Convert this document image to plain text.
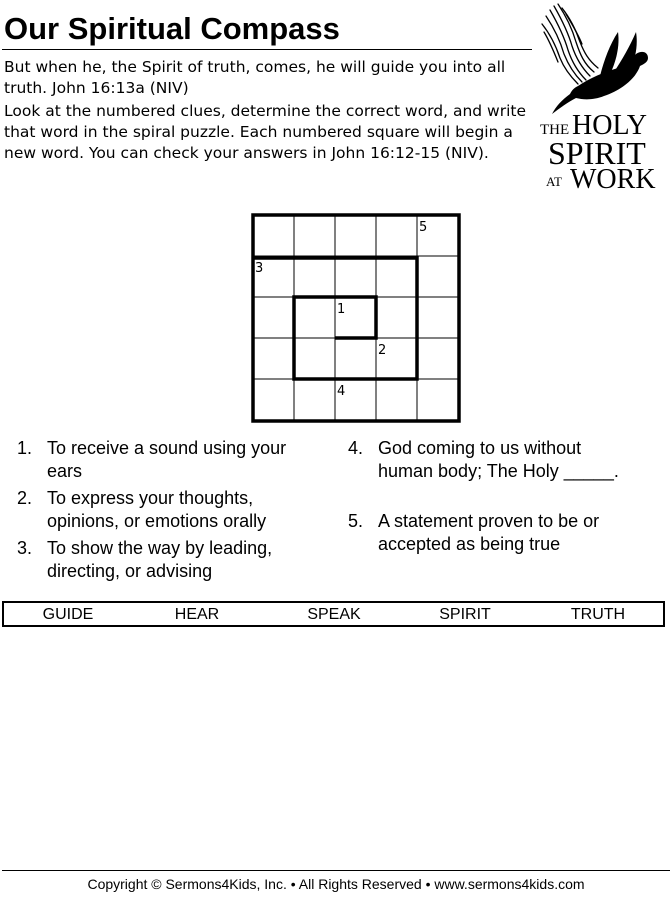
Our Spiritual Compass
But when he, the Spirit of truth, comes, he will guide you into all truth. John 16:13a (NIV)
Look at the numbered clues, determine the correct word, and write that word in the spiral puzzle. Each numbered square will begin a new word. You can check your answers in John 16:12-15 (NIV).
THE HOLY
SPIRIT
AT WORK
1
2
3
4
5
1. To receive a sound using your
ears
2. To express your thoughts,
opinions, or emotions orally
3. To show the way by leading,
directing, or advising
4. God coming to us without
human body; The Holy _____.
5. A statement proven to be or
accepted as being true
GUIDE	HEAR	SPEAK	SPIRIT	TRUTH
Copyright © Sermons4Kids, Inc. • All Rights Reserved • www.sermons4kids.com
